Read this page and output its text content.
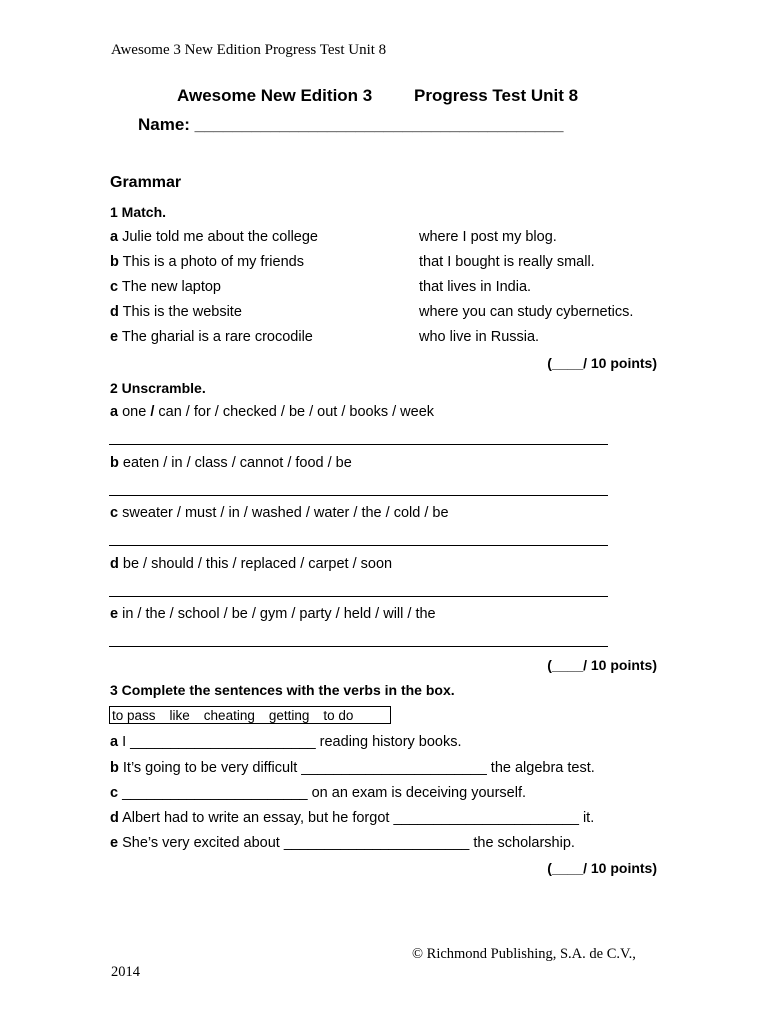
Awesome 3 New Edition Progress Test Unit 8
Awesome New Edition 3 Progress Test Unit 8
Name: _______________________________________
Grammar
1 Match.
a Julie told me about the college
b This is a photo of my friends
c The new laptop
d This is the website
e The gharial is a rare crocodile
where I post my blog.
that I bought is really small.
that lives in India.
where you can study cybernetics.
who live in Russia.
(____/ 10 points)
2 Unscramble.
a one / can / for / checked / be / out / books / week
b eaten / in / class / cannot / food / be
c sweater / must / in / washed / water / the / cold / be
d be / should / this / replaced / carpet / soon
e in / the / school / be / gym / party / held / will / the
(____/ 10 points)
3 Complete the sentences with the verbs in the box.
to pass like cheating getting to do
a I _______________________ reading history books.
b It’s going to be very difficult _______________________ the algebra test.
c _______________________ on an exam is deceiving yourself.
d Albert had to write an essay, but he forgot _______________________ it.
e She’s very excited about _______________________ the scholarship.
(____/ 10 points)
© Richmond Publishing, S.A. de C.V.,
2014
